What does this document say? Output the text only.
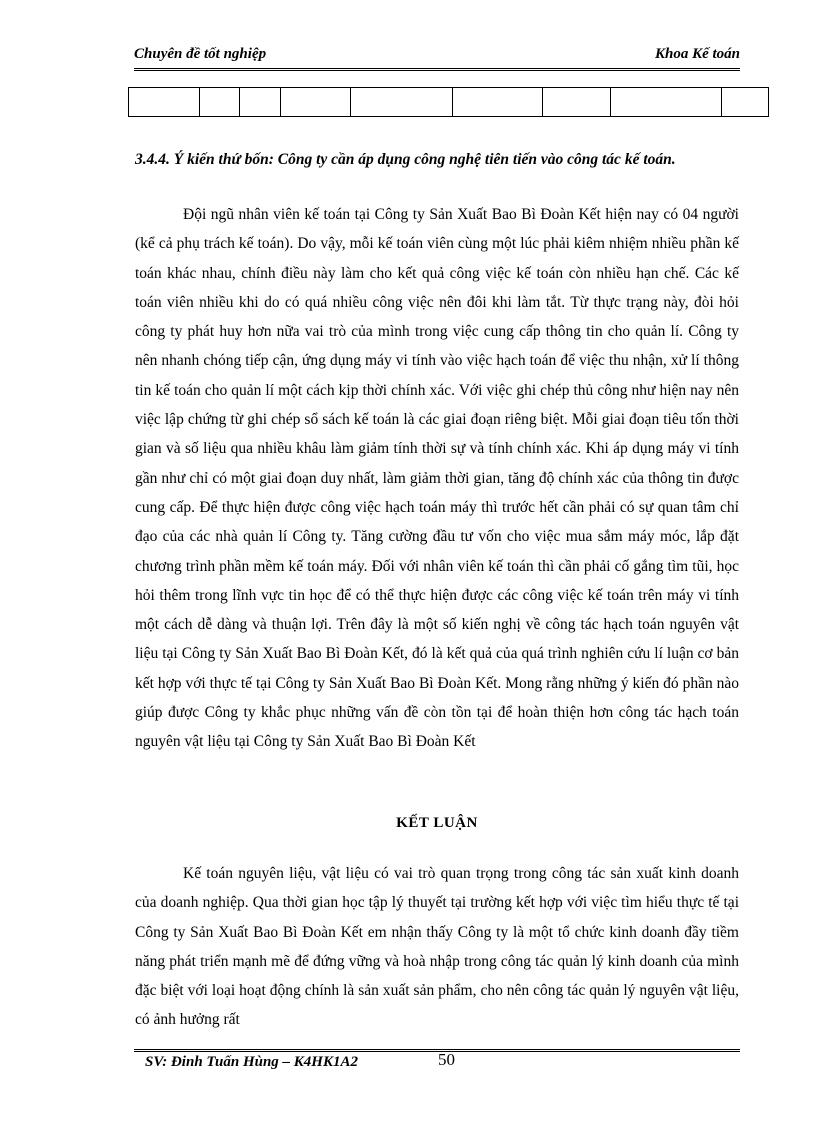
Chuyên đề tốt nghiệp	Khoa Kế toán

3.4.4. Ý kiến thứ bốn: Công ty cần áp dụng công nghệ tiên tiến vào công tác kế toán.

Đội ngũ nhân viên kế toán tại Công ty Sản Xuất Bao Bì Đoàn Kết hiện nay có 04 người (kể cả phụ trách kế toán). Do vậy, mỗi kế toán viên cùng một lúc phải kiêm nhiệm nhiều phần kế toán khác nhau, chính điều này làm cho kết quả công việc kế toán còn nhiều hạn chế. Các kế toán viên nhiều khi do có quá nhiều công việc nên đôi khi làm tắt. Từ thực trạng này, đòi hỏi công ty phát huy hơn nữa vai trò của mình trong việc cung cấp thông tin cho quản lí. Công ty nên nhanh chóng tiếp cận, ứng dụng máy vi tính vào việc hạch toán để việc thu nhận, xử lí thông tin kế toán cho quản lí một cách kịp thời chính xác. Với việc ghi chép thủ công như hiện nay nên việc lập chứng từ ghi chép sổ sách kế toán là các giai đoạn riêng biệt. Mỗi giai đoạn tiêu tốn thời gian và số liệu qua nhiều khâu làm giảm tính thời sự và tính chính xác. Khi áp dụng máy vi tính gần như chỉ có một giai đoạn duy nhất, làm giảm thời gian, tăng độ chính xác của thông tin được cung cấp. Để thực hiện được công việc hạch toán máy thì trước hết cần phải có sự quan tâm chỉ đạo của các nhà quản lí Công ty. Tăng cường đầu tư vốn cho việc mua sắm máy móc, lắp đặt chương trình phần mềm kế toán máy. Đối với nhân viên kế toán thì cần phải cố gắng tìm tũi, học hỏi thêm trong lĩnh vực tin học để có thể thực hiện được các công việc kế toán trên máy vi tính một cách dễ dàng và thuận lợi. Trên đây là một số kiến nghị về công tác hạch toán nguyên vật liệu tại Công ty Sản Xuất Bao Bì Đoàn Kết, đó là kết quả của quá trình nghiên cứu lí luận cơ bản kết hợp với thực tế tại Công ty Sản Xuất Bao Bì Đoàn Kết. Mong rằng những ý kiến đó phần nào giúp được Công ty khắc phục những vấn đề còn tồn tại để hoàn thiện hơn công tác hạch toán nguyên vật liệu tại Công ty Sản Xuất Bao Bì Đoàn Kết

KẾT LUẬN

Kế toán nguyên liệu, vật liệu có vai trò quan trọng trong công tác sản xuất kinh doanh của doanh nghiệp. Qua thời gian học tập lý thuyết tại trường kết hợp với việc tìm hiểu thực tế tại Công ty Sản Xuất Bao Bì Đoàn Kết em nhận thấy Công ty là một tổ chức kinh doanh đầy tiềm năng phát triển mạnh mẽ để đứng vững và hoà nhập trong công tác quản lý kinh doanh của mình đặc biệt với loại hoạt động chính là sản xuất sản phẩm, cho nên công tác quản lý nguyên vật liệu, có ảnh hưởng rất

SV: Đinh Tuấn Hùng – K4HK1A2	50
